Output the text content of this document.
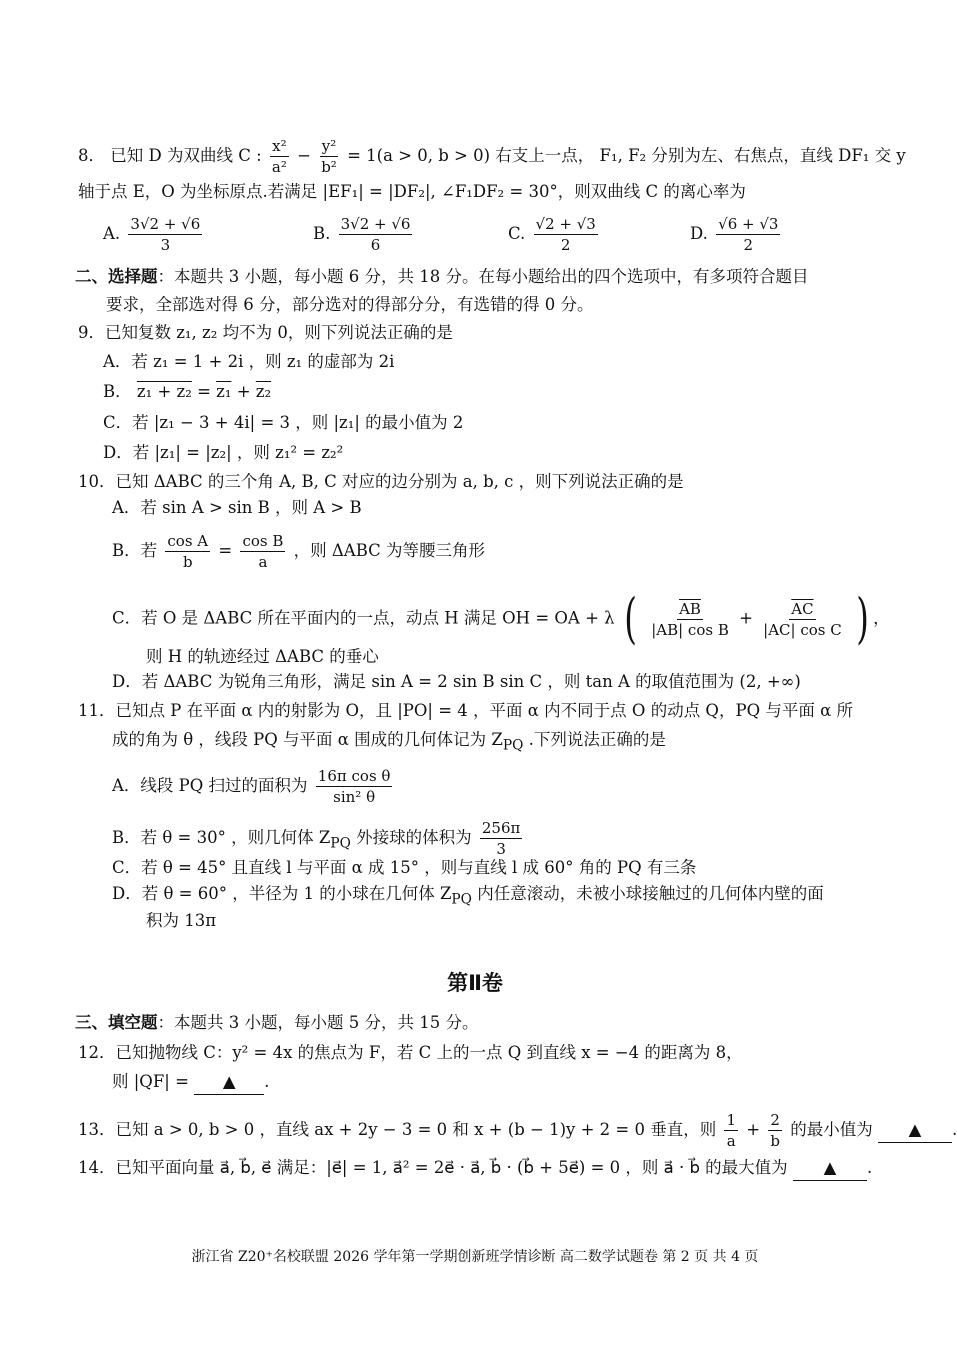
8． 已知 D 为双曲线 C : $\frac{\text{x²}}{\text{a²}} - \frac{\text{y²}}{\text{b²}} = 1(a > 0$, b > 0) 右支上一点， F₁, F₂ 分别为左、右焦点，直线 DF₁ 交 y
轴于点 E，O 为坐标原点.若满足 |EF₁| = |DF₂|, ∠F₁DF₂ = 30°，则双曲线 C 的离心率为
A. $\frac{3√2 + √6}{3}$	B. $\frac{3√2 + √6}{6}$	C. $\frac{√2 + √3}{2}$	D. $\frac{√6 + √3}{2}$
二、选择题：本题共 3 小题，每小题 6 分，共 18 分。在每小题给出的四个选项中，有多项符合题目
要求，全部选对得 6 分，部分选对的得部分分，有选错的得 0 分。
9．已知复数 z₁, z₂ 均不为 0，则下列说法正确的是
A．若 z₁ = 1 + 2i ，则 z₁ 的虚部为 2i
B． z₁ + z₂ = z₁ + z₂
C．若 |z₁ − 3 + 4i| = 3 ，则 |z₁| 的最小值为 2
D．若 |z₁| = |z₂| ，则 z₁² = z₂²
10．已知 ΔABC 的三个角 A, B, C 对应的边分别为 a, b, c ，则下列说法正确的是
A．若 sin A > sin B ，则 A > B
B．若 $\frac{\text{cos A}}{b} = \frac{\text{cos B}}{a}$ ，则 ΔABC 为等腰三角形
C．若 O 是 ΔABC 所在平面内的一点，动点 H 满足 OH = OA + λ ( $\frac{\overline{AB}}{\text{|AB| cos B}} + \frac{\overline{AC}}{\text{|AC| cos C}}$ ) ，
则 H 的轨迹经过 ΔABC 的垂心
D．若 ΔABC 为锐角三角形，满足 sin A = 2 sin B sin C ，则 tan A 的取值范围为 (2, +∞)
11．已知点 P 在平面 α 内的射影为 O，且 |PO| = 4 ，平面 α 内不同于点 O 的动点 Q，PQ 与平面 α 所
成的角为 θ ，线段 PQ 与平面 α 围成的几何体记为 $Z_{PQ}$ .下列说法正确的是
A．线段 PQ 扫过的面积为 $\frac{\text{16π cos θ}}{\text{sin² θ}}$
B．若 θ = 30° ，则几何体 $Z_{PQ}$ 外接球的体积为 $\frac{256\pi}{3}$
C．若 θ = 45° 且直线 l 与平面 α 成 15° ，则与直线 l 成 60° 角的 PQ 有三条
D．若 θ = 60° ，半径为 1 的小球在几何体 $Z_{PQ}$ 内任意滚动，未被小球接触过的几何体内壁的面
积为 13π
第Ⅱ卷
三、填空题：本题共 3 小题，每小题 5 分，共 15 分。
12．已知抛物线 C：y² = 4x 的焦点为 F，若 C 上的一点 Q 到直线 x = −4 的距离为 8，
则 |QF| = ▲ .
13．已知 a > 0, b > 0 ，直线 ax + 2y − 3 = 0 和 x + (b − 1)y + 2 = 0 垂直，则 $\frac{1}{a} + \frac{2}{b}$ 的最小值为 ▲ .
14．已知平面向量 a⃗, b⃗, e⃗ 满足：|e⃗| = 1, a⃗² = 2e⃗ · a⃗, b⃗ · (b⃗ + 5e⃗) = 0 ，则 a⃗ · b⃗ 的最大值为 ▲ .
浙江省 Z20⁺名校联盟 2026 学年第一学期创新班学情诊断 高二数学试题卷 第 2 页 共 4 页
